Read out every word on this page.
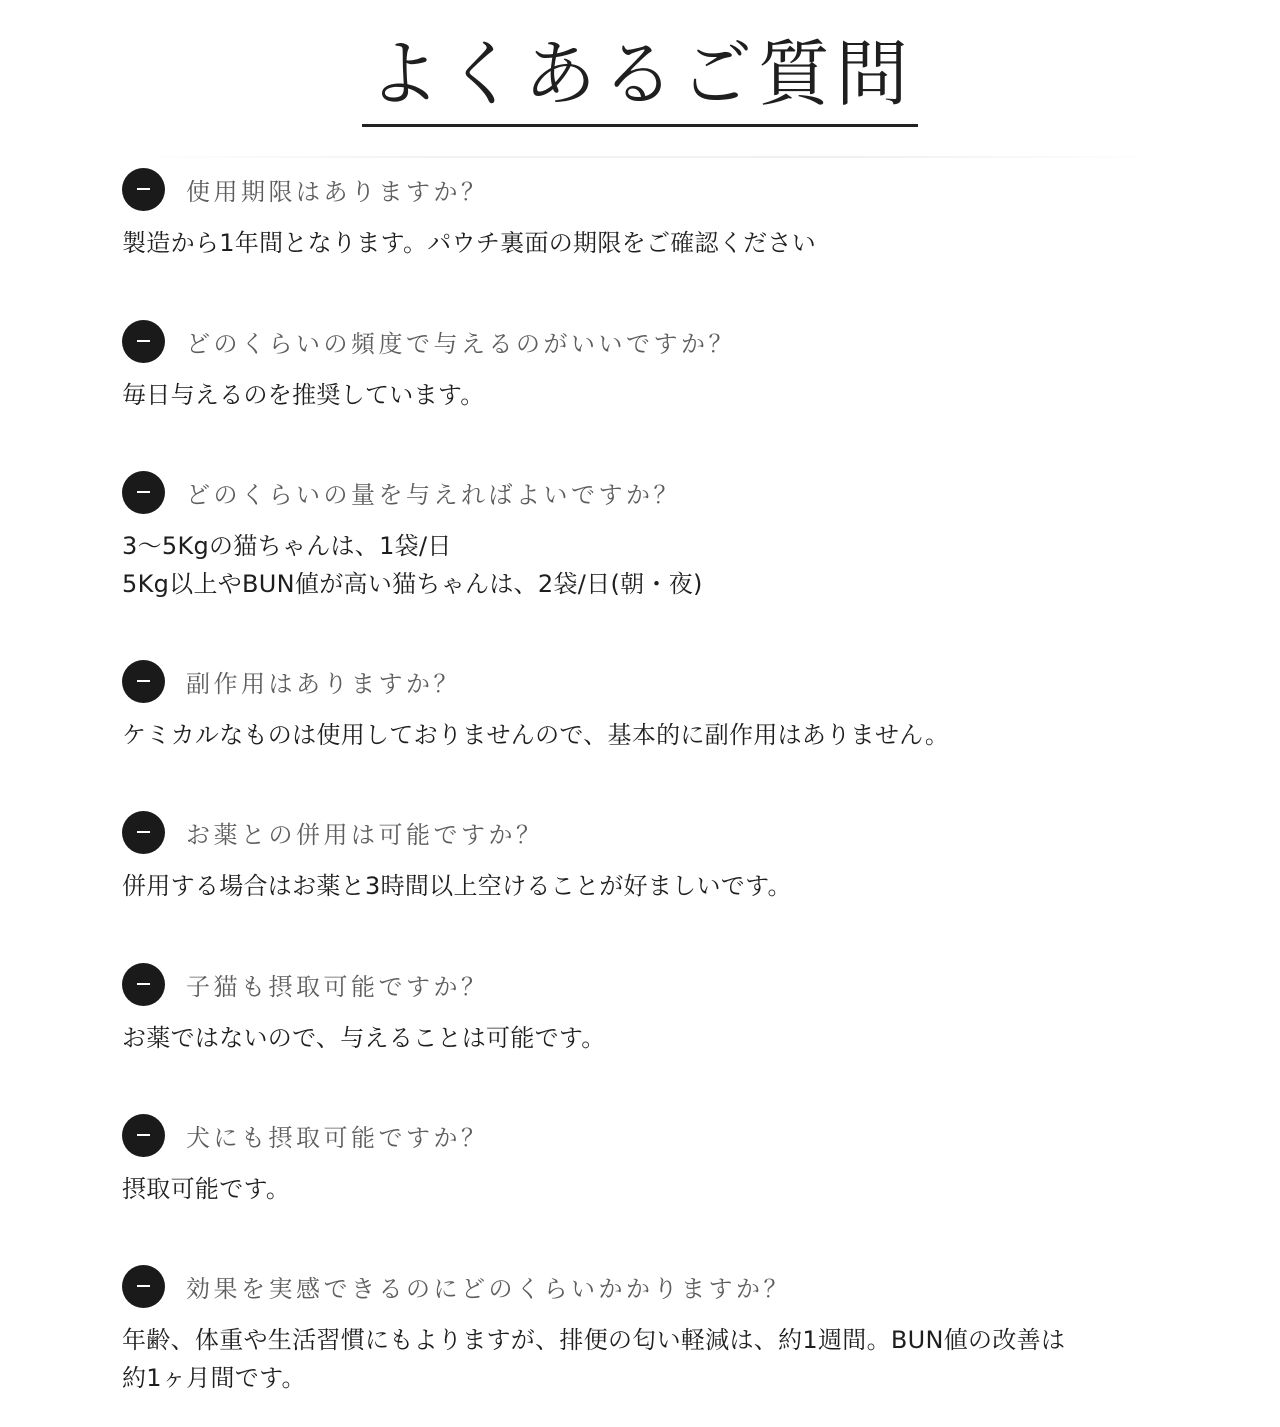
よくあるご質問
使用期限はありますか？
製造から1年間となります。パウチ裏面の期限をご確認ください
どのくらいの頻度で与えるのがいいですか？
毎日与えるのを推奨しています。
どのくらいの量を与えればよいですか？
3〜5Kgの猫ちゃんは、1袋/日
5Kg以上やBUN値が高い猫ちゃんは、2袋/日(朝・夜)
副作用はありますか？
ケミカルなものは使用しておりませんので、基本的に副作用はありません。
お薬との併用は可能ですか？
併用する場合はお薬と3時間以上空けることが好ましいです。
子猫も摂取可能ですか？
お薬ではないので、与えることは可能です。
犬にも摂取可能ですか？
摂取可能です。
効果を実感できるのにどのくらいかかりますか？
年齢、体重や生活習慣にもよりますが、排便の匂い軽減は、約1週間。BUN値の改善は
約1ヶ月間です。
